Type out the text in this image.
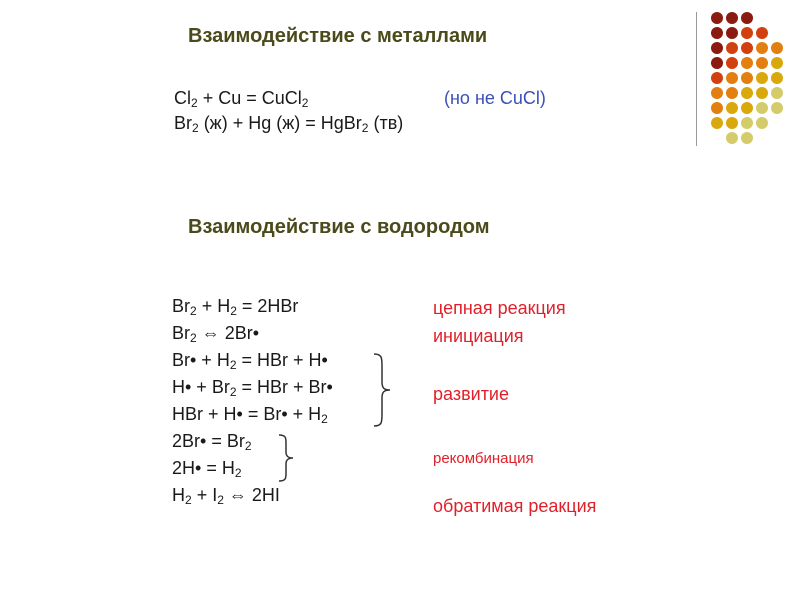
Взаимодействие с металлами
$Cl_2 + Cu$ = CuCl$_2$	(но не CuCl)
$Br_2$ (ж) + Hg (ж) = HgBr$_2$ (тв)
Взаимодействие с водородом
$Br_2 + H_2 = 2HBr$
$Br_2$ ⇔ 2Br•
Br• + $H_2$ = HBr + H•
H• + $Br_2$ = HBr + Br•
HBr + H• = Br• + $H_2$
2Br• = $Br_2$
2H• = $H_2$
$H_2 + I_2$ ⇔ 2HI
цепная реакция
инициация
развитие
рекомбинация
обратимая реакция
